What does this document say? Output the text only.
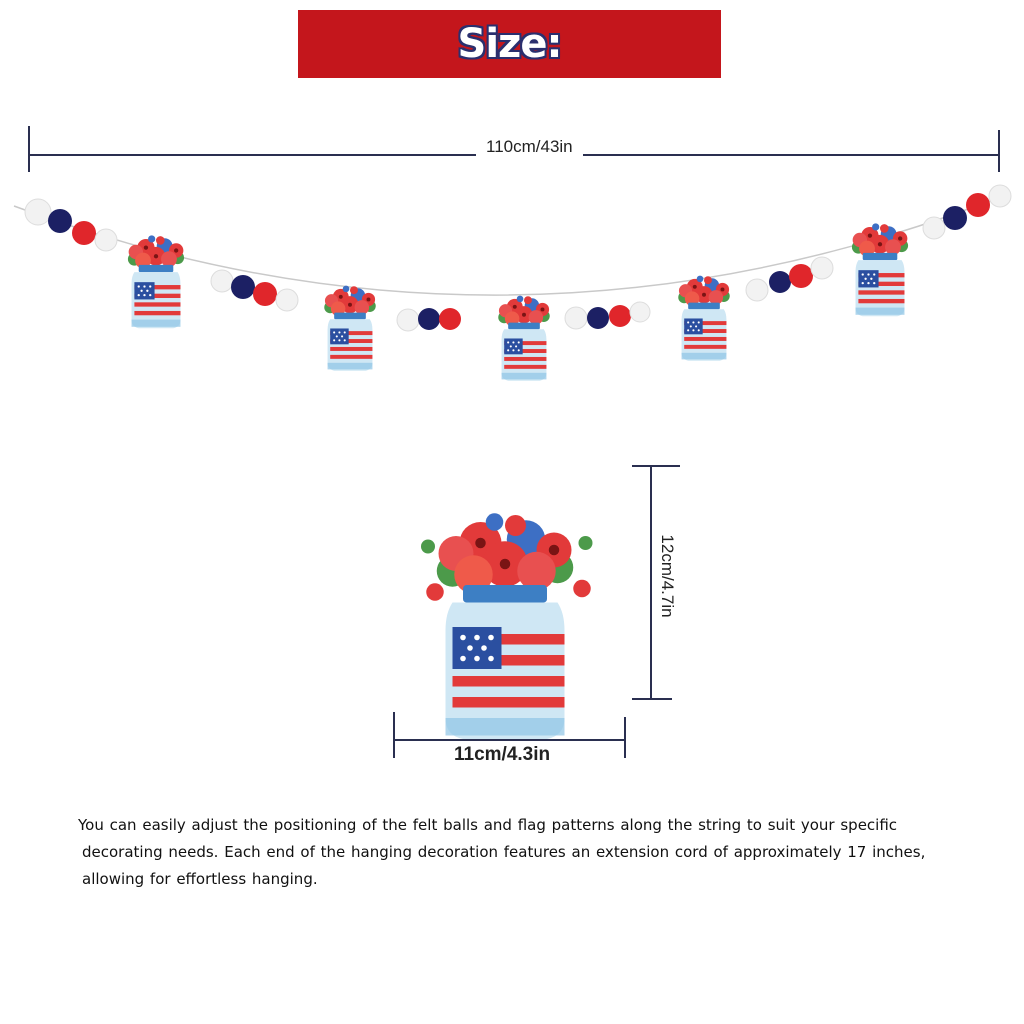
Size:
110cm/43in
12cm/4.7in
11cm/4.3in
You can easily adjust the positioning of the felt balls and flag patterns along the string to suit your specific
decorating needs. Each end of the hanging decoration features an extension cord of approximately 17 inches,
allowing for effortless hanging.
